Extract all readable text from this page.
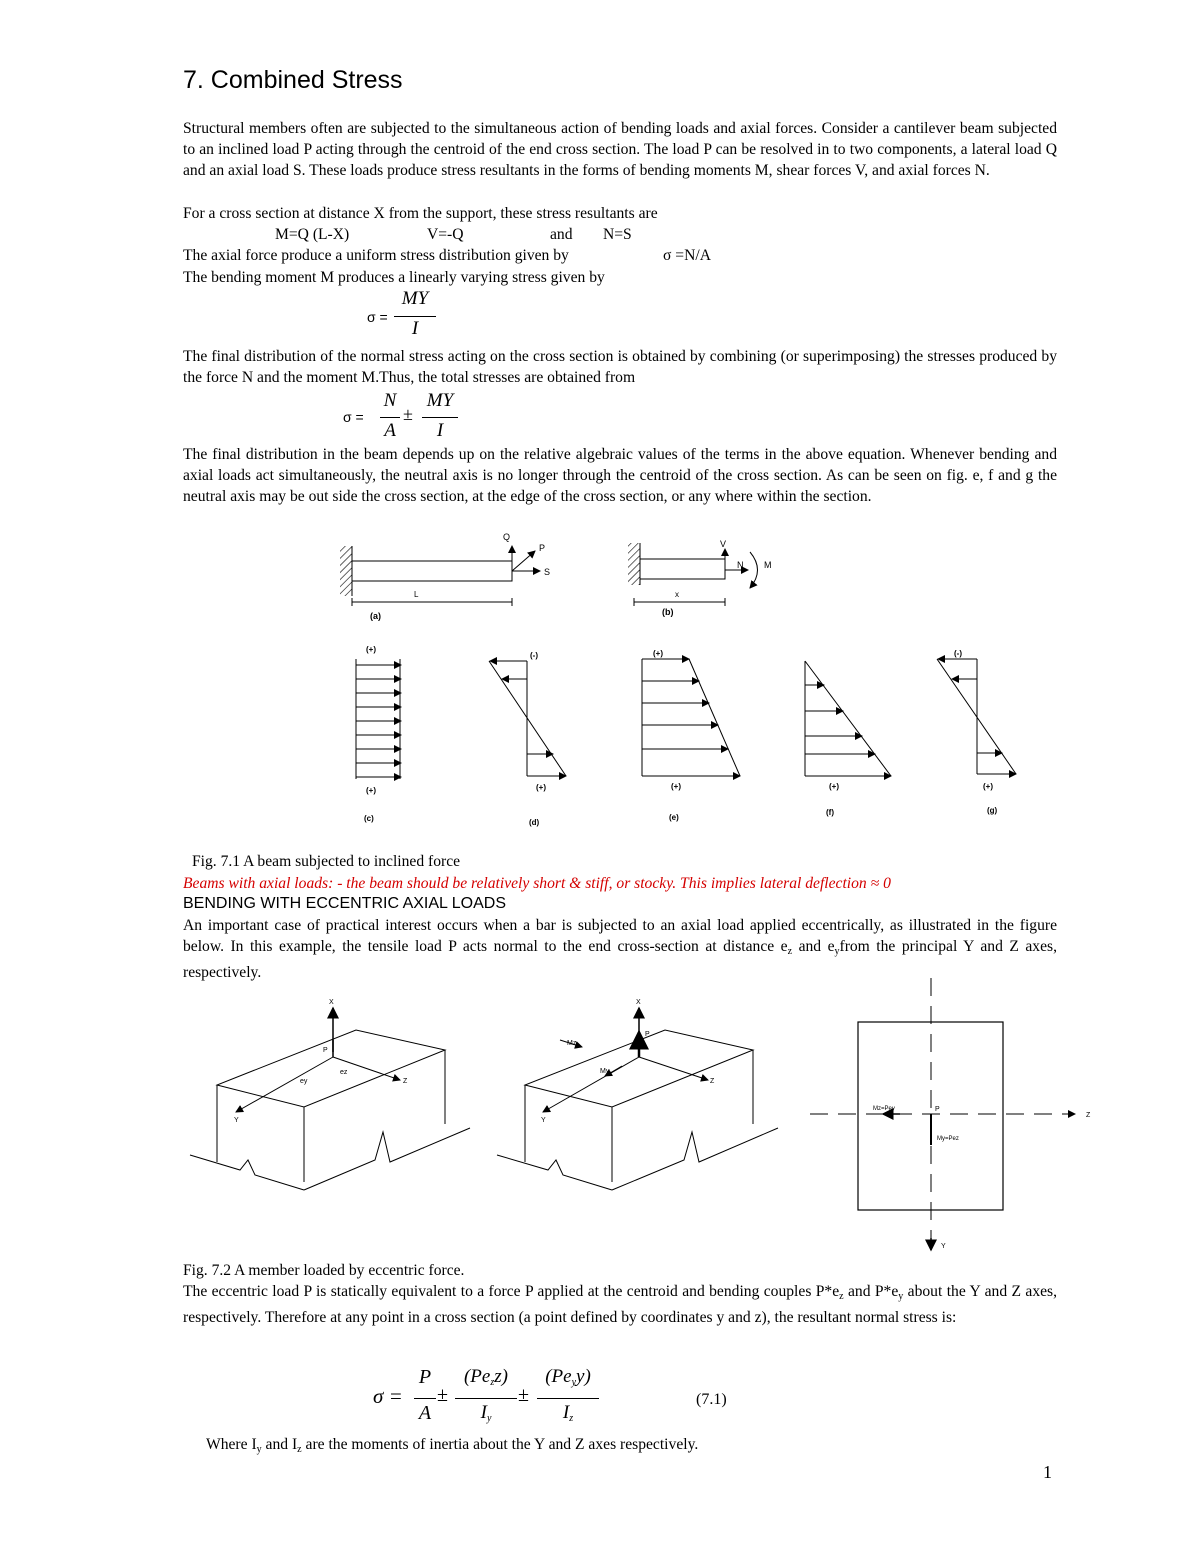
7. Combined Stress

Structural members often are subjected to the simultaneous action of bending loads and axial forces. Consider a cantilever beam subjected to an inclined load P acting through the centroid of the end cross section. The load P can be resolved in to two components, a lateral load Q and an axial load S. These loads produce stress resultants in the forms of bending moments M, shear forces V, and axial forces N.

For a cross section at distance X from the support, these stress resultants are

M=Q (L-X)	V=-Q	and N=S

The axial force produce a uniform stress distribution given by	σ =N/A

The bending moment M produces a linearly varying stress given by

σ =
MY
I

The final distribution of the normal stress acting on the cross section is obtained by combining (or superimposing) the stresses produced by the force N and the moment M.Thus, the total stresses are obtained from

σ =
N
A
±
MY
I

The final distribution in the beam depends up on the relative algebraic values of the terms in the above equation. Whenever bending and axial loads act simultaneously, the neutral axis is no longer through the centroid of the cross section. As can be seen on fig. e, f and g the neutral axis may be out side the cross section, at the edge of the cross section, or any where within the section.

Q
P
S
L
(a)
V
N M
x
(b)
(+)
(+)
(c)
(-)
(+)
(d)
(+)
(+)
(e)
(+)
(f)
(-)
(+)
(g)

Fig. 7.1 A beam subjected to inclined force

Beams with axial loads: - the beam should be relatively short & stiff, or stocky. This implies lateral deflection ≈ 0

BENDING WITH ECCENTRIC AXIAL LOADS

An important case of practical interest occurs when a bar is subjected to an axial load applied eccentrically, as illustrated in the figure below. In this example, the tensile load P acts normal to the end cross-section at distance $e_z$ and $e_yfrom$ the principal Y and Z axes, respectively.

X
Z
Y
P
ey
ez
X
Z
Y
P
Mz
My
Mz=Pey
My=Pez
P
Z
Y

Fig. 7.2 A member loaded by eccentric force.

The eccentric load P is statically equivalent to a force P applied at the centroid and bending couples $P*e_z$ and $P*e_y$ about the Y and Z axes, respectively. Therefore at any point in a cross section (a point defined by coordinates y and z), the resultant normal stress is:

σ =
P
A
±
$(Pe_zz)$
$I_y$
±
$(Pe_yy)$
$I_z$
(7.1)

Where $I_y$ and $I_z$ are the moments of inertia about the Y and Z axes respectively.

1
